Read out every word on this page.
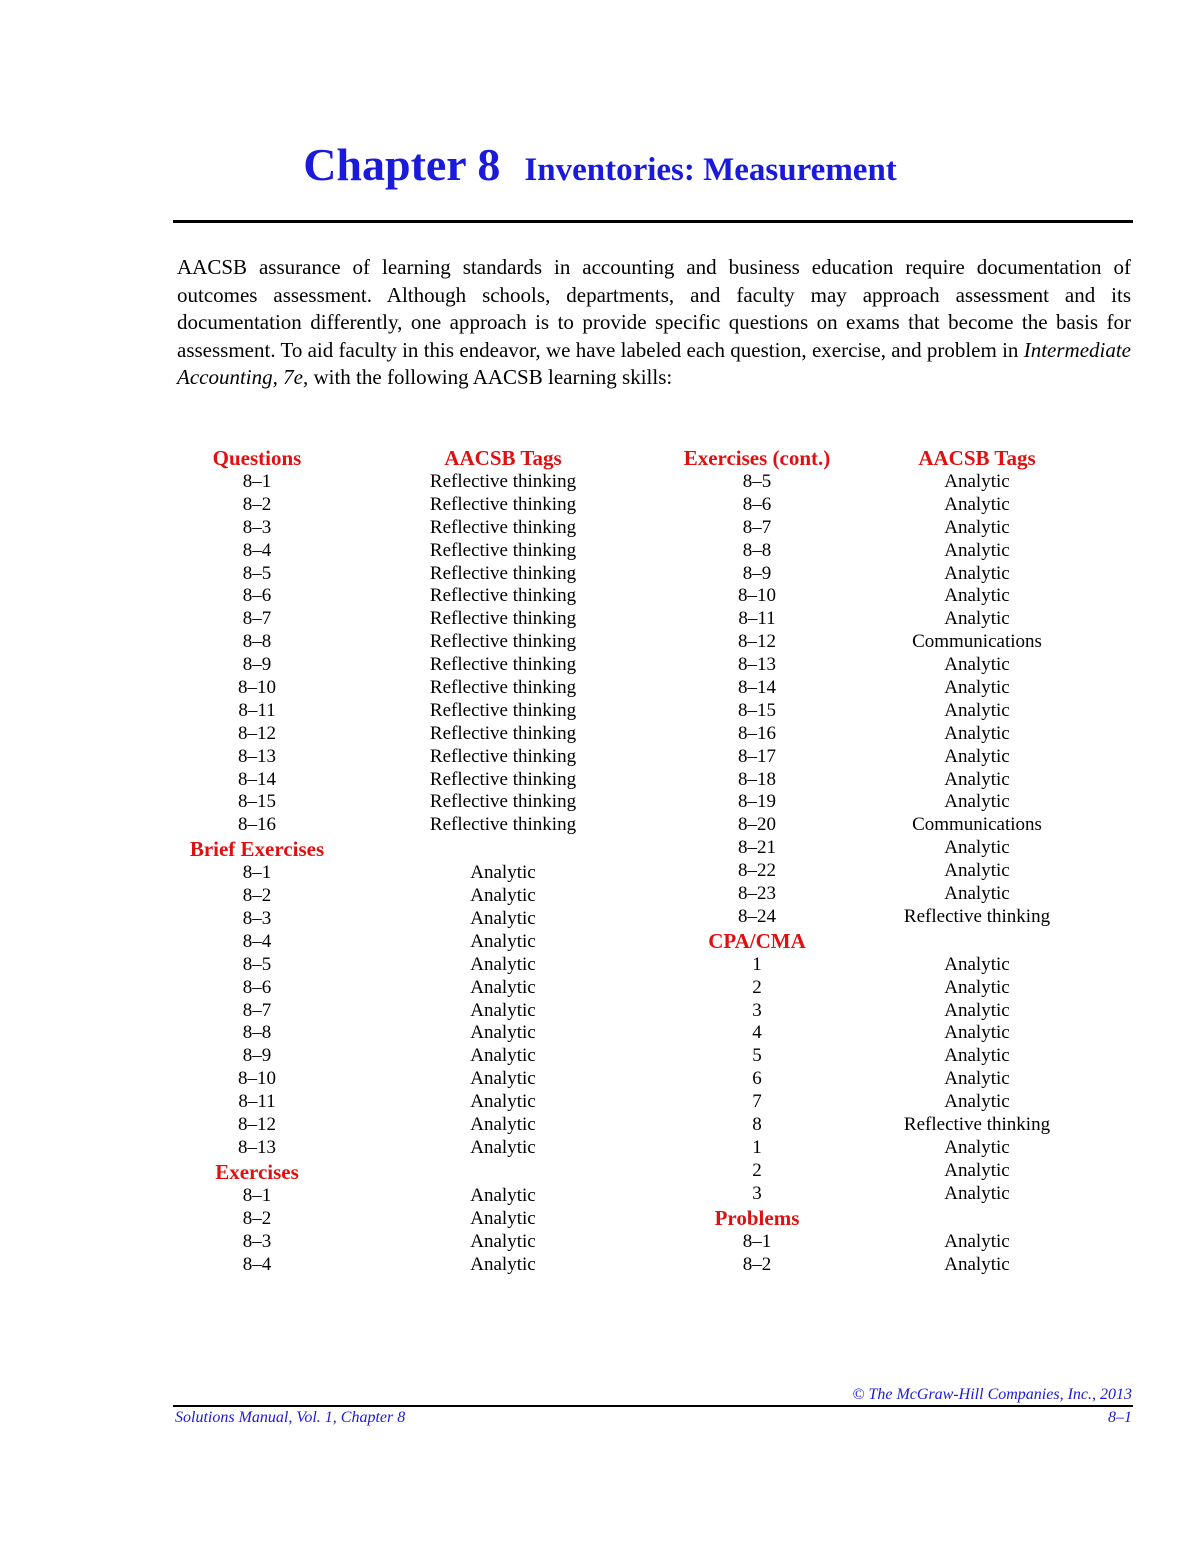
Chapter 8 Inventories: Measurement
AACSB assurance of learning standards in accounting and business education require documentation of outcomes assessment. Although schools, departments, and faculty may approach assessment and its documentation differently, one approach is to provide specific questions on exams that become the basis for assessment. To aid faculty in this endeavor, we have labeled each question, exercise, and problem in Intermediate Accounting, 7e, with the following AACSB learning skills:
Questions
8–1
8–2
8–3
8–4
8–5
8–6
8–7
8–8
8–9
8–10
8–11
8–12
8–13
8–14
8–15
8–16
Brief Exercises
8–1
8–2
8–3
8–4
8–5
8–6
8–7
8–8
8–9
8–10
8–11
8–12
8–13
Exercises
8–1
8–2
8–3
8–4
AACSB Tags
Reflective thinking
Reflective thinking
Reflective thinking
Reflective thinking
Reflective thinking
Reflective thinking
Reflective thinking
Reflective thinking
Reflective thinking
Reflective thinking
Reflective thinking
Reflective thinking
Reflective thinking
Reflective thinking
Reflective thinking
Reflective thinking
Analytic
Analytic
Analytic
Analytic
Analytic
Analytic
Analytic
Analytic
Analytic
Analytic
Analytic
Analytic
Analytic
Analytic
Analytic
Analytic
Analytic
Exercises (cont.)
8–5
8–6
8–7
8–8
8–9
8–10
8–11
8–12
8–13
8–14
8–15
8–16
8–17
8–18
8–19
8–20
8–21
8–22
8–23
8–24
CPA/CMA
1
2
3
4
5
6
7
8
1
2
3
Problems
8–1
8–2
AACSB Tags
Analytic
Analytic
Analytic
Analytic
Analytic
Analytic
Analytic
Communications
Analytic
Analytic
Analytic
Analytic
Analytic
Analytic
Analytic
Communications
Analytic
Analytic
Analytic
Reflective thinking
Analytic
Analytic
Analytic
Analytic
Analytic
Analytic
Analytic
Reflective thinking
Analytic
Analytic
Analytic
Analytic
Analytic
© The McGraw-Hill Companies, Inc., 2013
Solutions Manual, Vol. 1, Chapter 8	8–1
